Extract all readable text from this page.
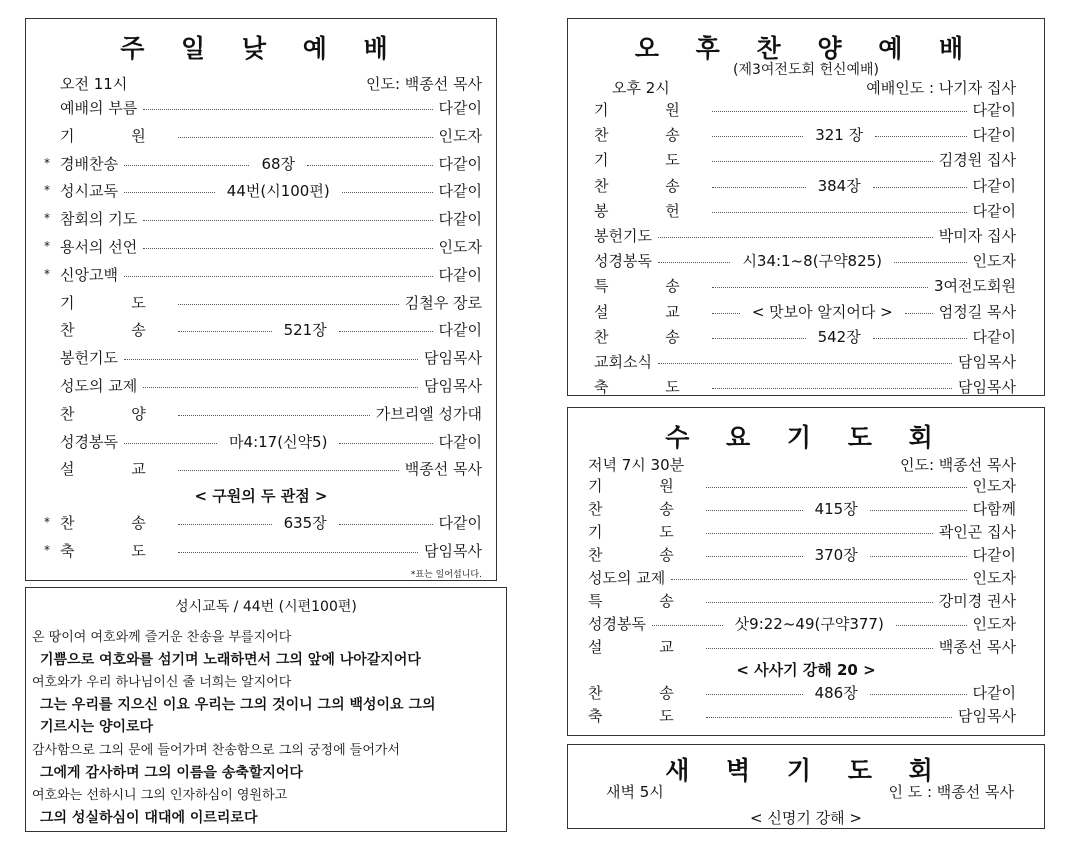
주 일 낮 예 배
오전 11시	인도: 백종선 목사
예배의 부름	다같이
기 원	인도자
* 경배찬송	68장	다같이
* 성시교독	44번(시100편)	다같이
* 참회의 기도	다같이
* 용서의 선언	인도자
* 신앙고백	다같이
기 도	김철우 장로
찬 송	521장	다같이
봉헌기도	담임목사
성도의 교제	담임목사
찬 양	가브리엘 성가대
성경봉독	마4:17(신약5)	다같이
설 교	백종선 목사
< 구원의 두 관점 >
* 찬 송	635장	다같이
* 축 도	담임목사
*표는 일어섭니다.
성시교독 / 44번 (시편100편)
온 땅이여 여호와께 즐거운 찬송을 부를지어다
기쁨으로 여호와를 섬기며 노래하면서 그의 앞에 나아갈지어다
여호와가 우리 하나님이신 줄 너희는 알지어다
그는 우리를 지으신 이요 우리는 그의 것이니 그의 백성이요 그의
기르시는 양이로다
감사함으로 그의 문에 들어가며 찬송함으로 그의 궁정에 들어가서
그에게 감사하며 그의 이름을 송축할지어다
여호와는 선하시니 그의 인자하심이 영원하고
그의 성실하심이 대대에 이르리로다
오 후 찬 양 예 배
(제3여전도회 헌신예배)
오후 2시	예배인도 : 나기자 집사
기 원	다같이
찬 송	321 장	다같이
기 도	김경원 집사
찬 송	384장	다같이
봉 헌	다같이
봉헌기도	박미자 집사
성경봉독	시34:1~8(구약825)	인도자
특 송	3여전도회원
설 교	< 맛보아 알지어다 >	엄정길 목사
찬 송	542장	다같이
교회소식	담임목사
축 도	담임목사
수 요 기 도 회
저녁 7시 30분	인도: 백종선 목사
기 원	인도자
찬 송	415장	다함께
기 도	곽인곤 집사
찬 송	370장	다같이
성도의 교제	인도자
특 송	강미경 권사
성경봉독	삿9:22~49(구약377)	인도자
설 교	백종선 목사
< 사사기 강해 20 >
찬 송	486장	다같이
축 도	담임목사
새 벽 기 도 회
새벽 5시	인 도 : 백종선 목사
< 신명기 강해 >
